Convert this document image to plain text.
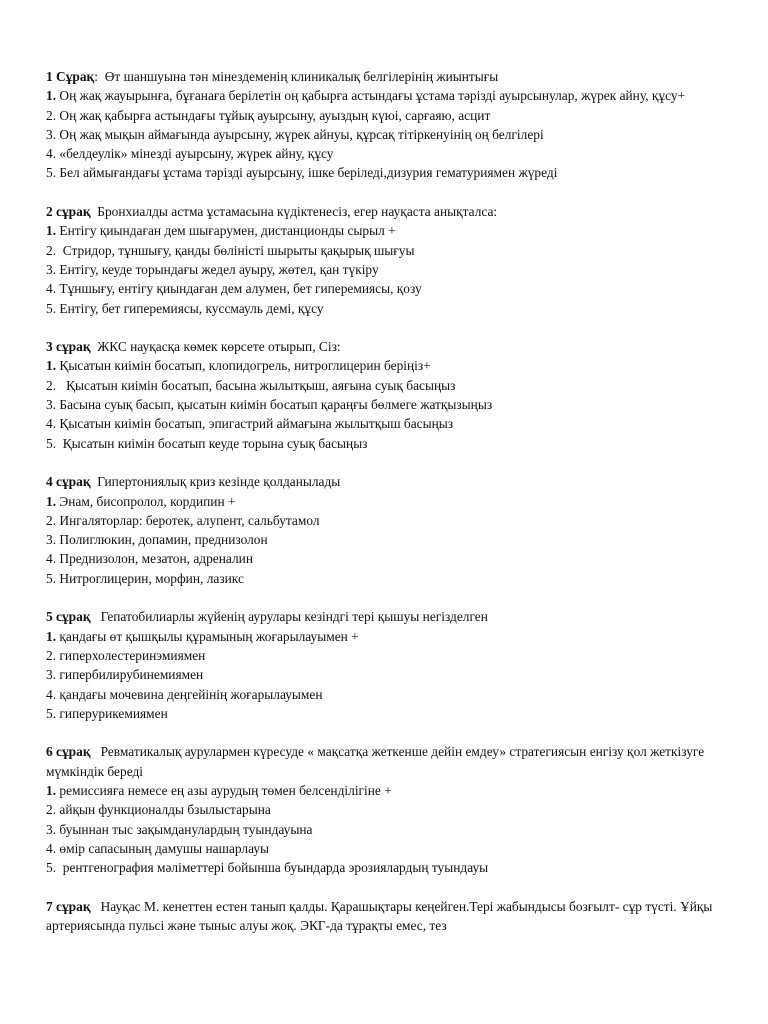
1 Сұрақ:  Өт шаншуына тән мінездеменің клиникалық белгілерінің жиынтығы
1. Оң жақ жауырынға, бұғанаға берілетін оң қабырға астындағы ұстама тәрізді ауырсынулар, жүрек айну, құсу+
2. Оң жақ қабырға астындағы тұйық ауырсыну, ауыздың күюі, сарғаяю, асцит
3. Оң жақ мықын аймағында ауырсыну, жүрек айнуы, құрсақ тітіркенуінің оң белгілері
4. «белдеулік» мінезді ауырсыну, жүрек айну, құсу
5. Бел аймығандағы ұстама тәрізді ауырсыну, ішке беріледі,дизурия гематуриямен жүреді
2 сұрақ Бронхиалды астма ұстамасына күдіктенесіз, егер науқаста анықталса:
1. Ентігу қиындаған дем шығарумен, дистанционды сырыл +
2.  Стридор, тұншығу, қанды бөліністі шырыты қақырық шығуы
3. Ентігу, кеуде торындағы жедел ауыру, жөтел, қан түкіру
4. Тұншығу, ентігу қиындаған дем алумен, бет гиперемиясы, қозу
5. Ентігу, бет гиперемиясы, куссмауль демі, құсу
3 сұрақ ЖКС науқасқа көмек көрсете отырып, Сіз:
1. Қысатын киімін босатып, клопидогрель, нитроглицерин беріңіз+
2.   Қысатын киімін босатып, басына жылытқыш, аяғына суық басыңыз
3. Басына суық басып, қысатын киімін босатып қараңғы бөлмеге жатқызыңыз
4. Қысатын киімін босатып, эпигастрий аймағына жылытқыш басыңыз
5.  Қысатын киімін босатып кеуде торына суық басыңыз
4 сұрақ Гипертониялық криз кезінде қолданылады
1. Энам, бисопролол, кордипин +
2. Ингаляторлар: беротек, алупент, сальбутамол
3. Полиглюкин, допамин, преднизолон
4. Преднизолон, мезатон, адреналин
5. Нитроглицерин, морфин, лазикс
5 сұрақ Гепатобилиарлы жүйенің аурулары кезіндгі тері қышуы негізделген
1. қандағы өт қышқылы құрамының жоғарылауымен +
2. гиперхолестеринэмиямен
3. гипербилирубинемиямен
4. қандағы мочевина деңгейінің жоғарылауымен
5. гиперурикемиямен
6 сұрақ Ревматикалық аурулармен күресуде « мақсатқа жеткенше дейін емдеу» стратегиясын енгізу қол жеткізуге мүмкіндік береді
1. ремиссияға немесе ең азы аурудың төмен белсенділігіне +
2. айқын функционалды бзылыстарына
3. буыннан тыс зақымданулардың туындауына
4. өмір сапасының дамушы нашарлауы
5.  рентгенография мәліметтері бойынша буындарда эрозиялардың туындауы
7 сұрақ Науқас М. кенеттен естен танып қалды. Қарашықтары кеңейген.Тері жабындысы бозғылт- сұр түсті. Ұйқы артериясында пульсі және тыныс алуы жоқ. ЭКГ-да тұрақты емес, тез
